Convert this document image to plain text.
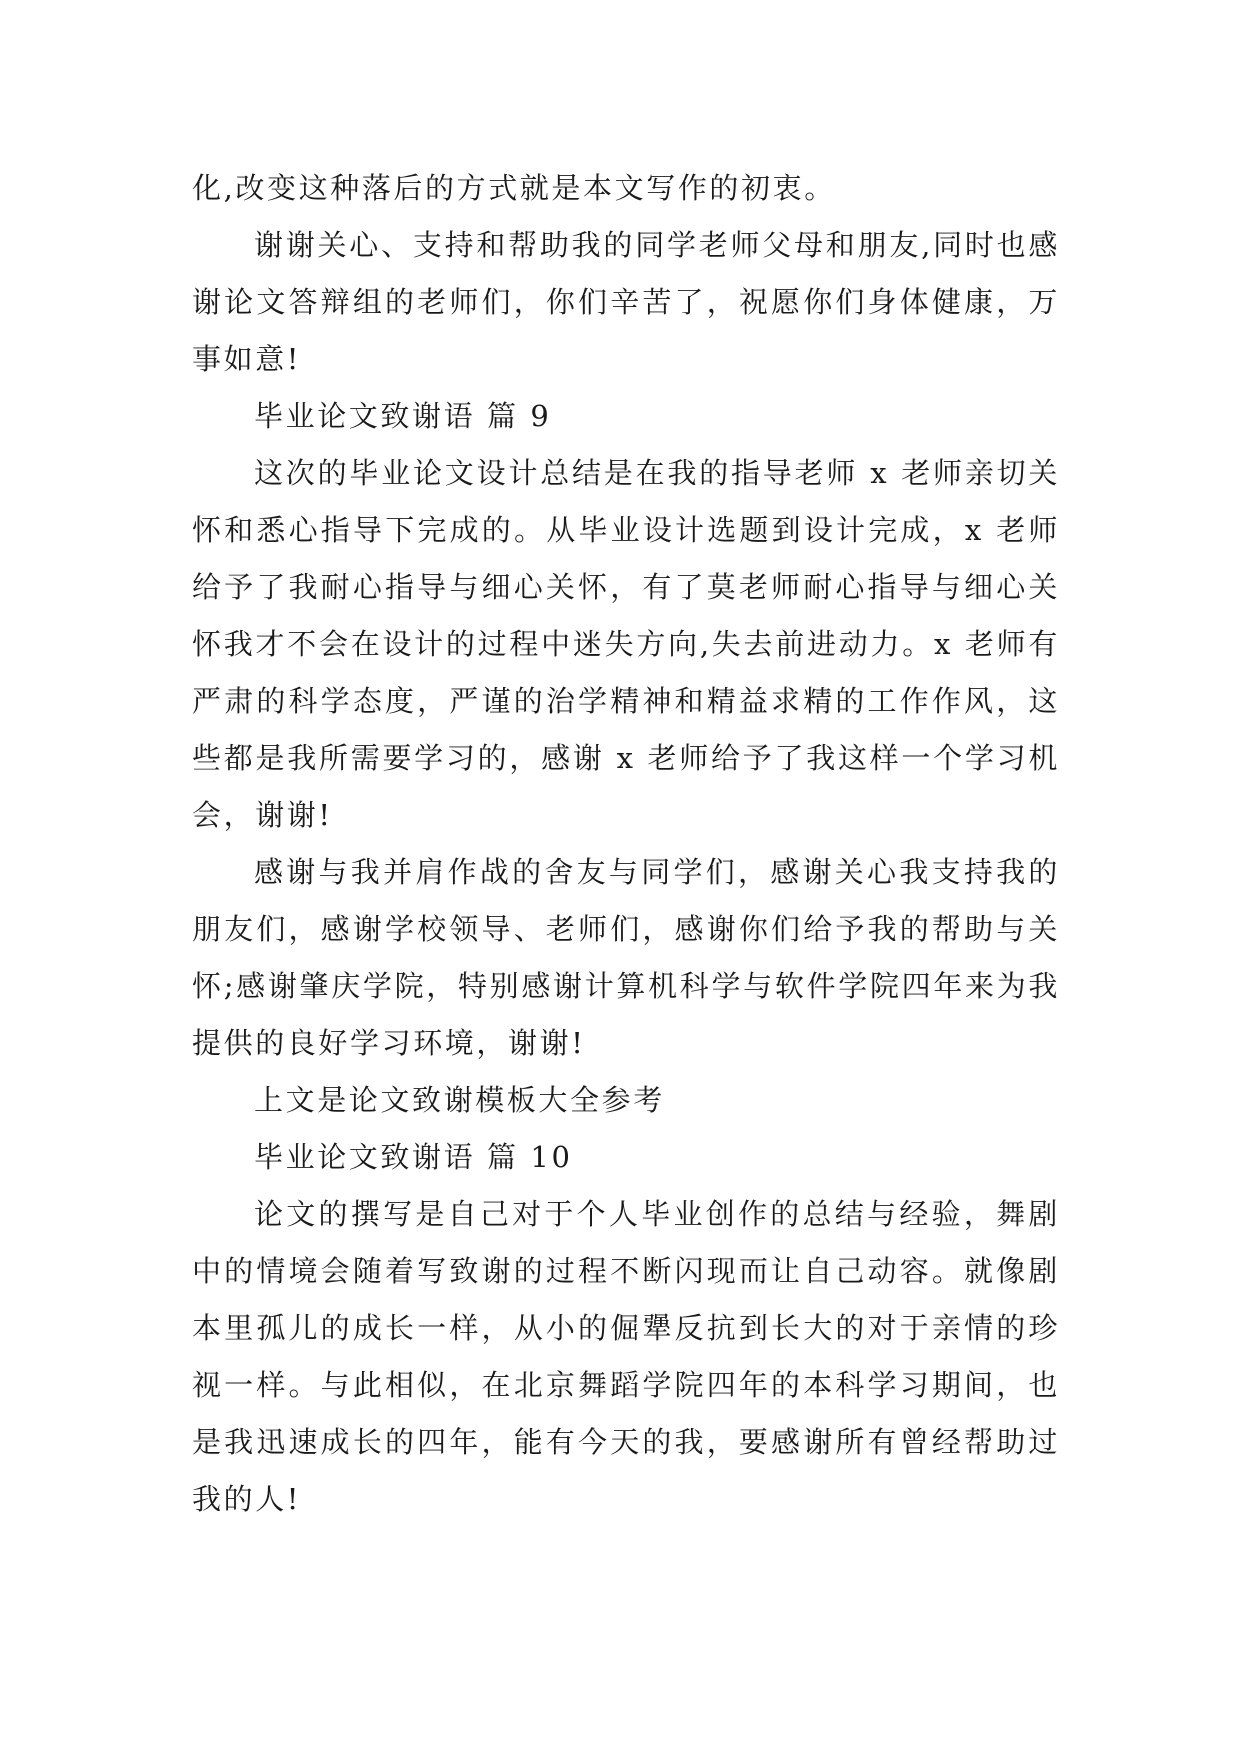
化,改变这种落后的方式就是本文写作的初衷。

谢谢关心、支持和帮助我的同学老师父母和朋友,同时也感谢论文答辩组的老师们，你们辛苦了，祝愿你们身体健康，万事如意!

毕业论文致谢语 篇 9

这次的毕业论文设计总结是在我的指导老师 x 老师亲切关怀和悉心指导下完成的。从毕业设计选题到设计完成，x 老师给予了我耐心指导与细心关怀，有了莫老师耐心指导与细心关怀我才不会在设计的过程中迷失方向,失去前进动力。x 老师有严肃的科学态度，严谨的治学精神和精益求精的工作作风，这些都是我所需要学习的，感谢 x 老师给予了我这样一个学习机会，谢谢!

感谢与我并肩作战的舍友与同学们，感谢关心我支持我的朋友们，感谢学校领导、老师们，感谢你们给予我的帮助与关怀;感谢肇庆学院，特别感谢计算机科学与软件学院四年来为我提供的良好学习环境，谢谢!

上文是论文致谢模板大全参考

毕业论文致谢语 篇 10

论文的撰写是自己对于个人毕业创作的总结与经验，舞剧中的情境会随着写致谢的过程不断闪现而让自己动容。就像剧本里孤儿的成长一样，从小的倔犟反抗到长大的对于亲情的珍视一样。与此相似，在北京舞蹈学院四年的本科学习期间，也是我迅速成长的四年，能有今天的我，要感谢所有曾经帮助过我的人!
